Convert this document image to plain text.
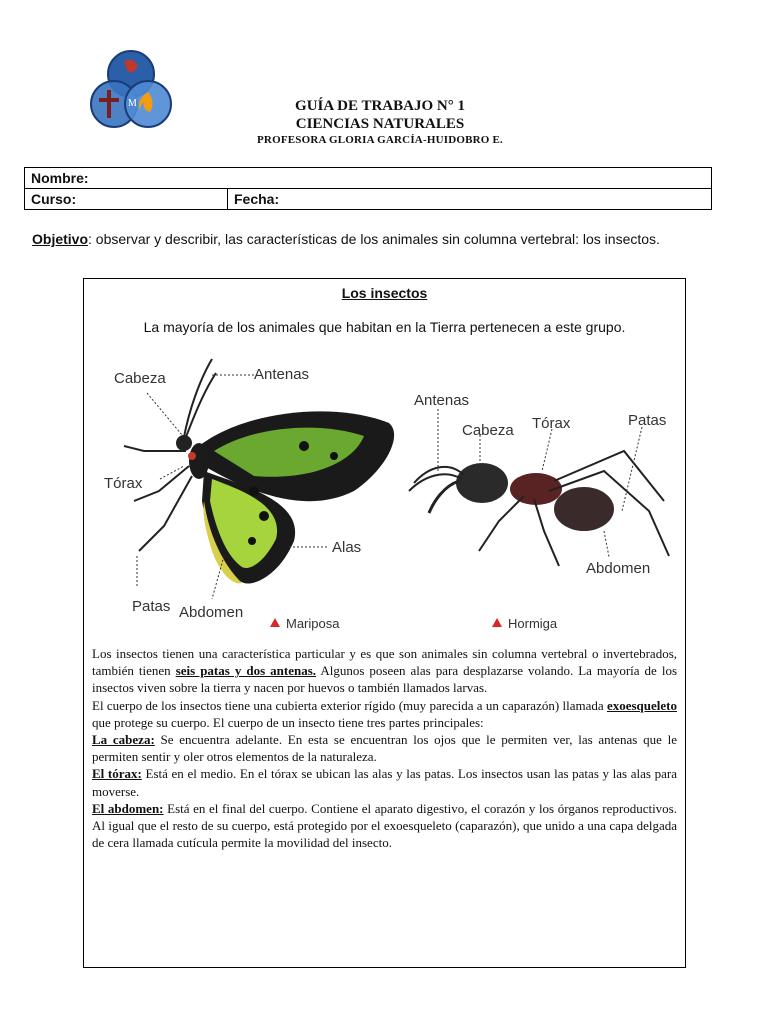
M	GUÍA DE TRABAJO N° 1
CIENCIAS NATURALES
PROFESORA GLORIA GARCÍA-HUIDOBRO E.
Nombre:
Curso:	Fecha:
Objetivo: observar y describir, las características de los animales sin columna vertebral: los insectos.
Los insectos
La mayoría de los animales que habitan en la Tierra pertenecen a este grupo.
Cabeza	Antenas
Tórax
Alas
Patas Abdomen
Mariposa
Antenas
Cabeza Tórax	Patas
Abdomen
Hormiga

Los insectos tienen una característica particular y es que son animales sin columna vertebral o invertebrados, también tienen seis patas y dos antenas. Algunos poseen alas para desplazarse volando. La mayoría de los insectos viven sobre la tierra y nacen por huevos o también llamados larvas.

El cuerpo de los insectos tiene una cubierta exterior rígido (muy parecida a un caparazón) llamada exoesqueleto que protege su cuerpo. El cuerpo de un insecto tiene tres partes principales:

La cabeza: Se encuentra adelante. En esta se encuentran los ojos que le permiten ver, las antenas que le permiten sentir y oler otros elementos de la naturaleza.

El tórax: Está en el medio. En el tórax se ubican las alas y las patas. Los insectos usan las patas y las alas para moverse.

El abdomen: Está en el final del cuerpo. Contiene el aparato digestivo, el corazón y los órganos reproductivos. Al igual que el resto de su cuerpo, está protegido por el exoesqueleto (caparazón), que unido a una capa delgada de cera llamada cutícula permite la movilidad del insecto.
